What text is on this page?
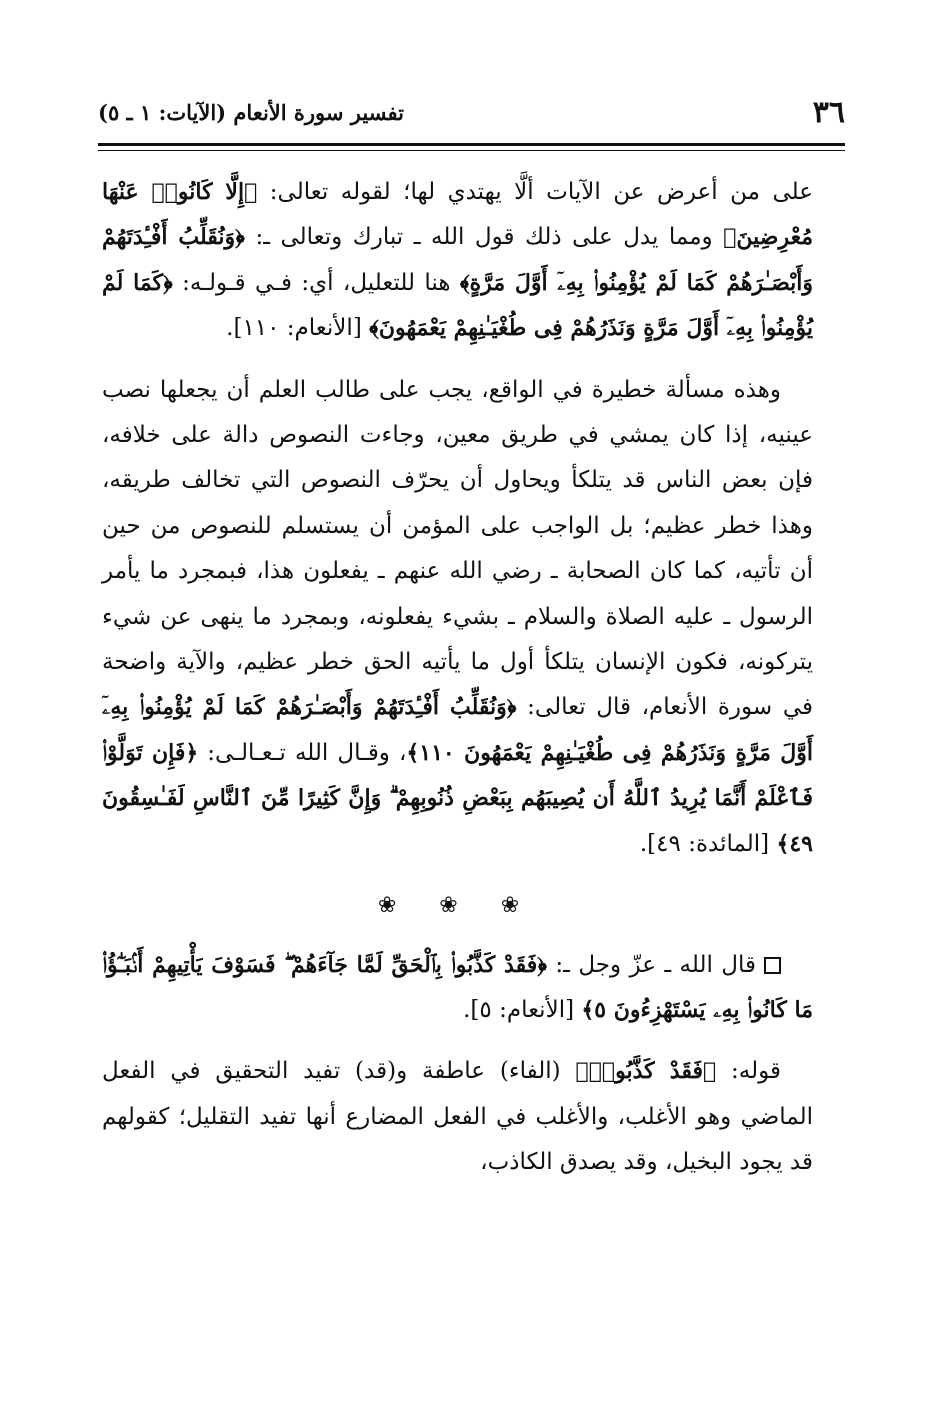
٣٦
تفسير سورة الأنعام (الآيات: ١ ـ ٥)

على من أعرض عن الآيات ألَّا يهتدي لها؛ لقوله تعالى: ﴿إِلَّا كَانُوا۟ عَنْهَا مُعْرِضِينَ﴾ ومما يدل على ذلك قول الله ـ تبارك وتعالى ـ: ﴿وَنُقَلِّبُ أَفْـِٔدَتَهُمْ وَأَبْصَـٰرَهُمْ كَمَا لَمْ يُؤْمِنُوا۟ بِهِۦٓ أَوَّلَ مَرَّةٍ﴾ هنا للتعليل، أي: فـي قـولـه: ﴿كَمَا لَمْ يُؤْمِنُوا۟ بِهِۦٓ أَوَّلَ مَرَّةٍ وَنَذَرُهُمْ فِى طُغْيَـٰنِهِمْ يَعْمَهُونَ﴾ [الأنعام: ١١٠].

وهذه مسألة خطيرة في الواقع، يجب على طالب العلم أن يجعلها نصب عينيه، إذا كان يمشي في طريق معين، وجاءت النصوص دالة على خلافه، فإن بعض الناس قد يتلكأ ويحاول أن يحرّف النصوص التي تخالف طريقه، وهذا خطر عظيم؛ بل الواجب على المؤمن أن يستسلم للنصوص من حين أن تأتيه، كما كان الصحابة ـ رضي الله عنهم ـ يفعلون هذا، فبمجرد ما يأمر الرسول ـ عليه الصلاة والسلام ـ بشيء يفعلونه، وبمجرد ما ينهى عن شيء يتركونه، فكون الإنسان يتلكأ أول ما يأتيه الحق خطر عظيم، والآية واضحة في سورة الأنعام، قال تعالى: ﴿وَنُقَلِّبُ أَفْـِٔدَتَهُمْ وَأَبْصَـٰرَهُمْ كَمَا لَمْ يُؤْمِنُوا۟ بِهِۦٓ أَوَّلَ مَرَّةٍ وَنَذَرُهُمْ فِى طُغْيَـٰنِهِمْ يَعْمَهُونَ ١١٠﴾، وقـال الله تـعـالـى: ﴿فَإِن تَوَلَّوْا۟ فَٱعْلَمْ أَنَّمَا يُرِيدُ ٱللَّهُ أَن يُصِيبَهُم بِبَعْضِ ذُنُوبِهِمْ ۗ وَإِنَّ كَثِيرًا مِّنَ ٱلنَّاسِ لَفَـٰسِقُونَ ٤٩﴾ [المائدة: ٤٩].

❀ ❀ ❀

قال الله ـ عزّ وجل ـ: ﴿فَقَدْ كَذَّبُوا۟ بِٱلْحَقِّ لَمَّا جَآءَهُمْ ۖ فَسَوْفَ يَأْتِيهِمْ أَنۢبَـٰٓؤُا۟ مَا كَانُوا۟ بِهِۦ يَسْتَهْزِءُونَ ٥﴾ [الأنعام: ٥].

قوله: ﴿فَقَدْ كَذَّبُوا۟﴾ (الفاء) عاطفة و(قد) تفيد التحقيق في الفعل الماضي وهو الأغلب، والأغلب في الفعل المضارع أنها تفيد التقليل؛ كقولهم قد يجود البخيل، وقد يصدق الكاذب،
